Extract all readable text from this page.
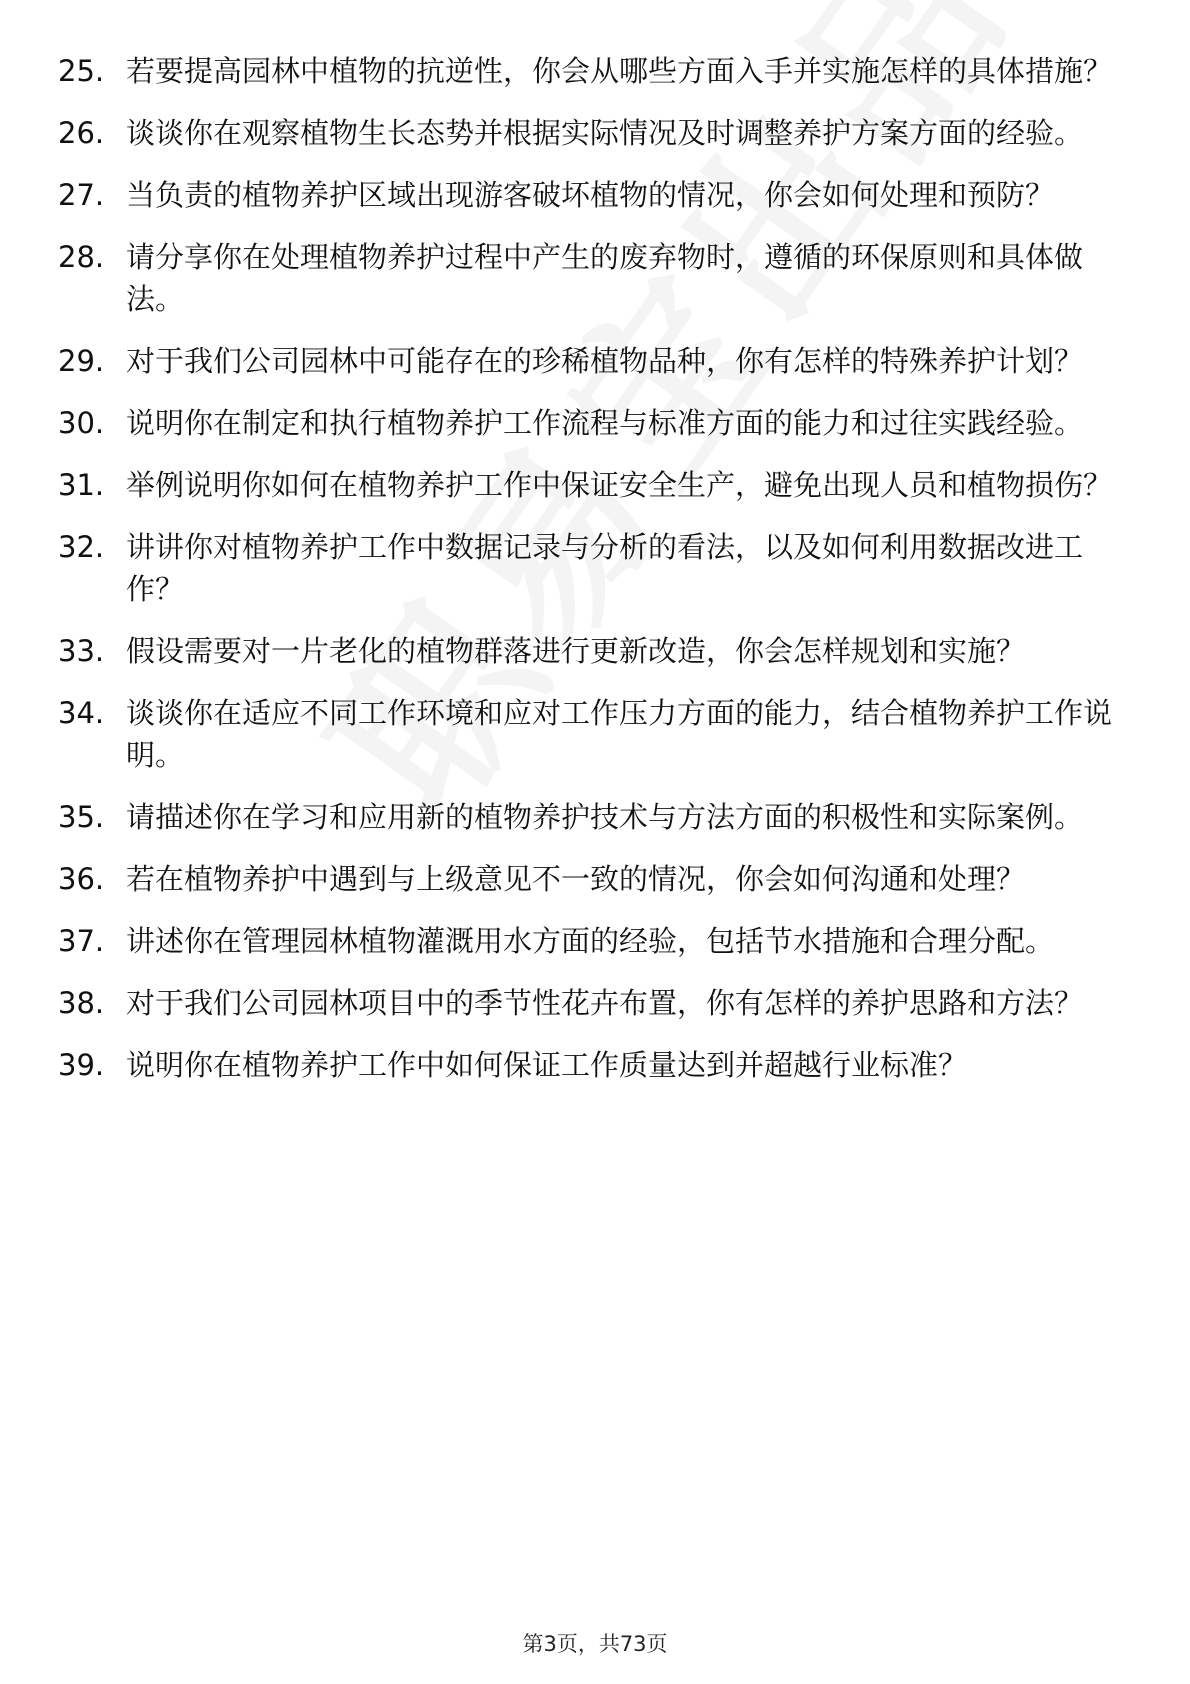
25. 若要提高园林中植物的抗逆性，你会从哪些方面入手并实施怎样的具体措施？
26. 谈谈你在观察植物生长态势并根据实际情况及时调整养护方案方面的经验。
27. 当负责的植物养护区域出现游客破坏植物的情况，你会如何处理和预防？
28. 请分享你在处理植物养护过程中产生的废弃物时，遵循的环保原则和具体做法。
29. 对于我们公司园林中可能存在的珍稀植物品种，你有怎样的特殊养护计划？
30. 说明你在制定和执行植物养护工作流程与标准方面的能力和过往实践经验。
31. 举例说明你如何在植物养护工作中保证安全生产，避免出现人员和植物损伤？
32. 讲讲你对植物养护工作中数据记录与分析的看法，以及如何利用数据改进工作？
33. 假设需要对一片老化的植物群落进行更新改造，你会怎样规划和实施？
34. 谈谈你在适应不同工作环境和应对工作压力方面的能力，结合植物养护工作说明。
35. 请描述你在学习和应用新的植物养护技术与方法方面的积极性和实际案例。
36. 若在植物养护中遇到与上级意见不一致的情况，你会如何沟通和处理？
37. 讲述你在管理园林植物灌溉用水方面的经验，包括节水措施和合理分配。
38. 对于我们公司园林项目中的季节性花卉布置，你有怎样的养护思路和方法？
39. 说明你在植物养护工作中如何保证工作质量达到并超越行业标准？
第3页，共73页
